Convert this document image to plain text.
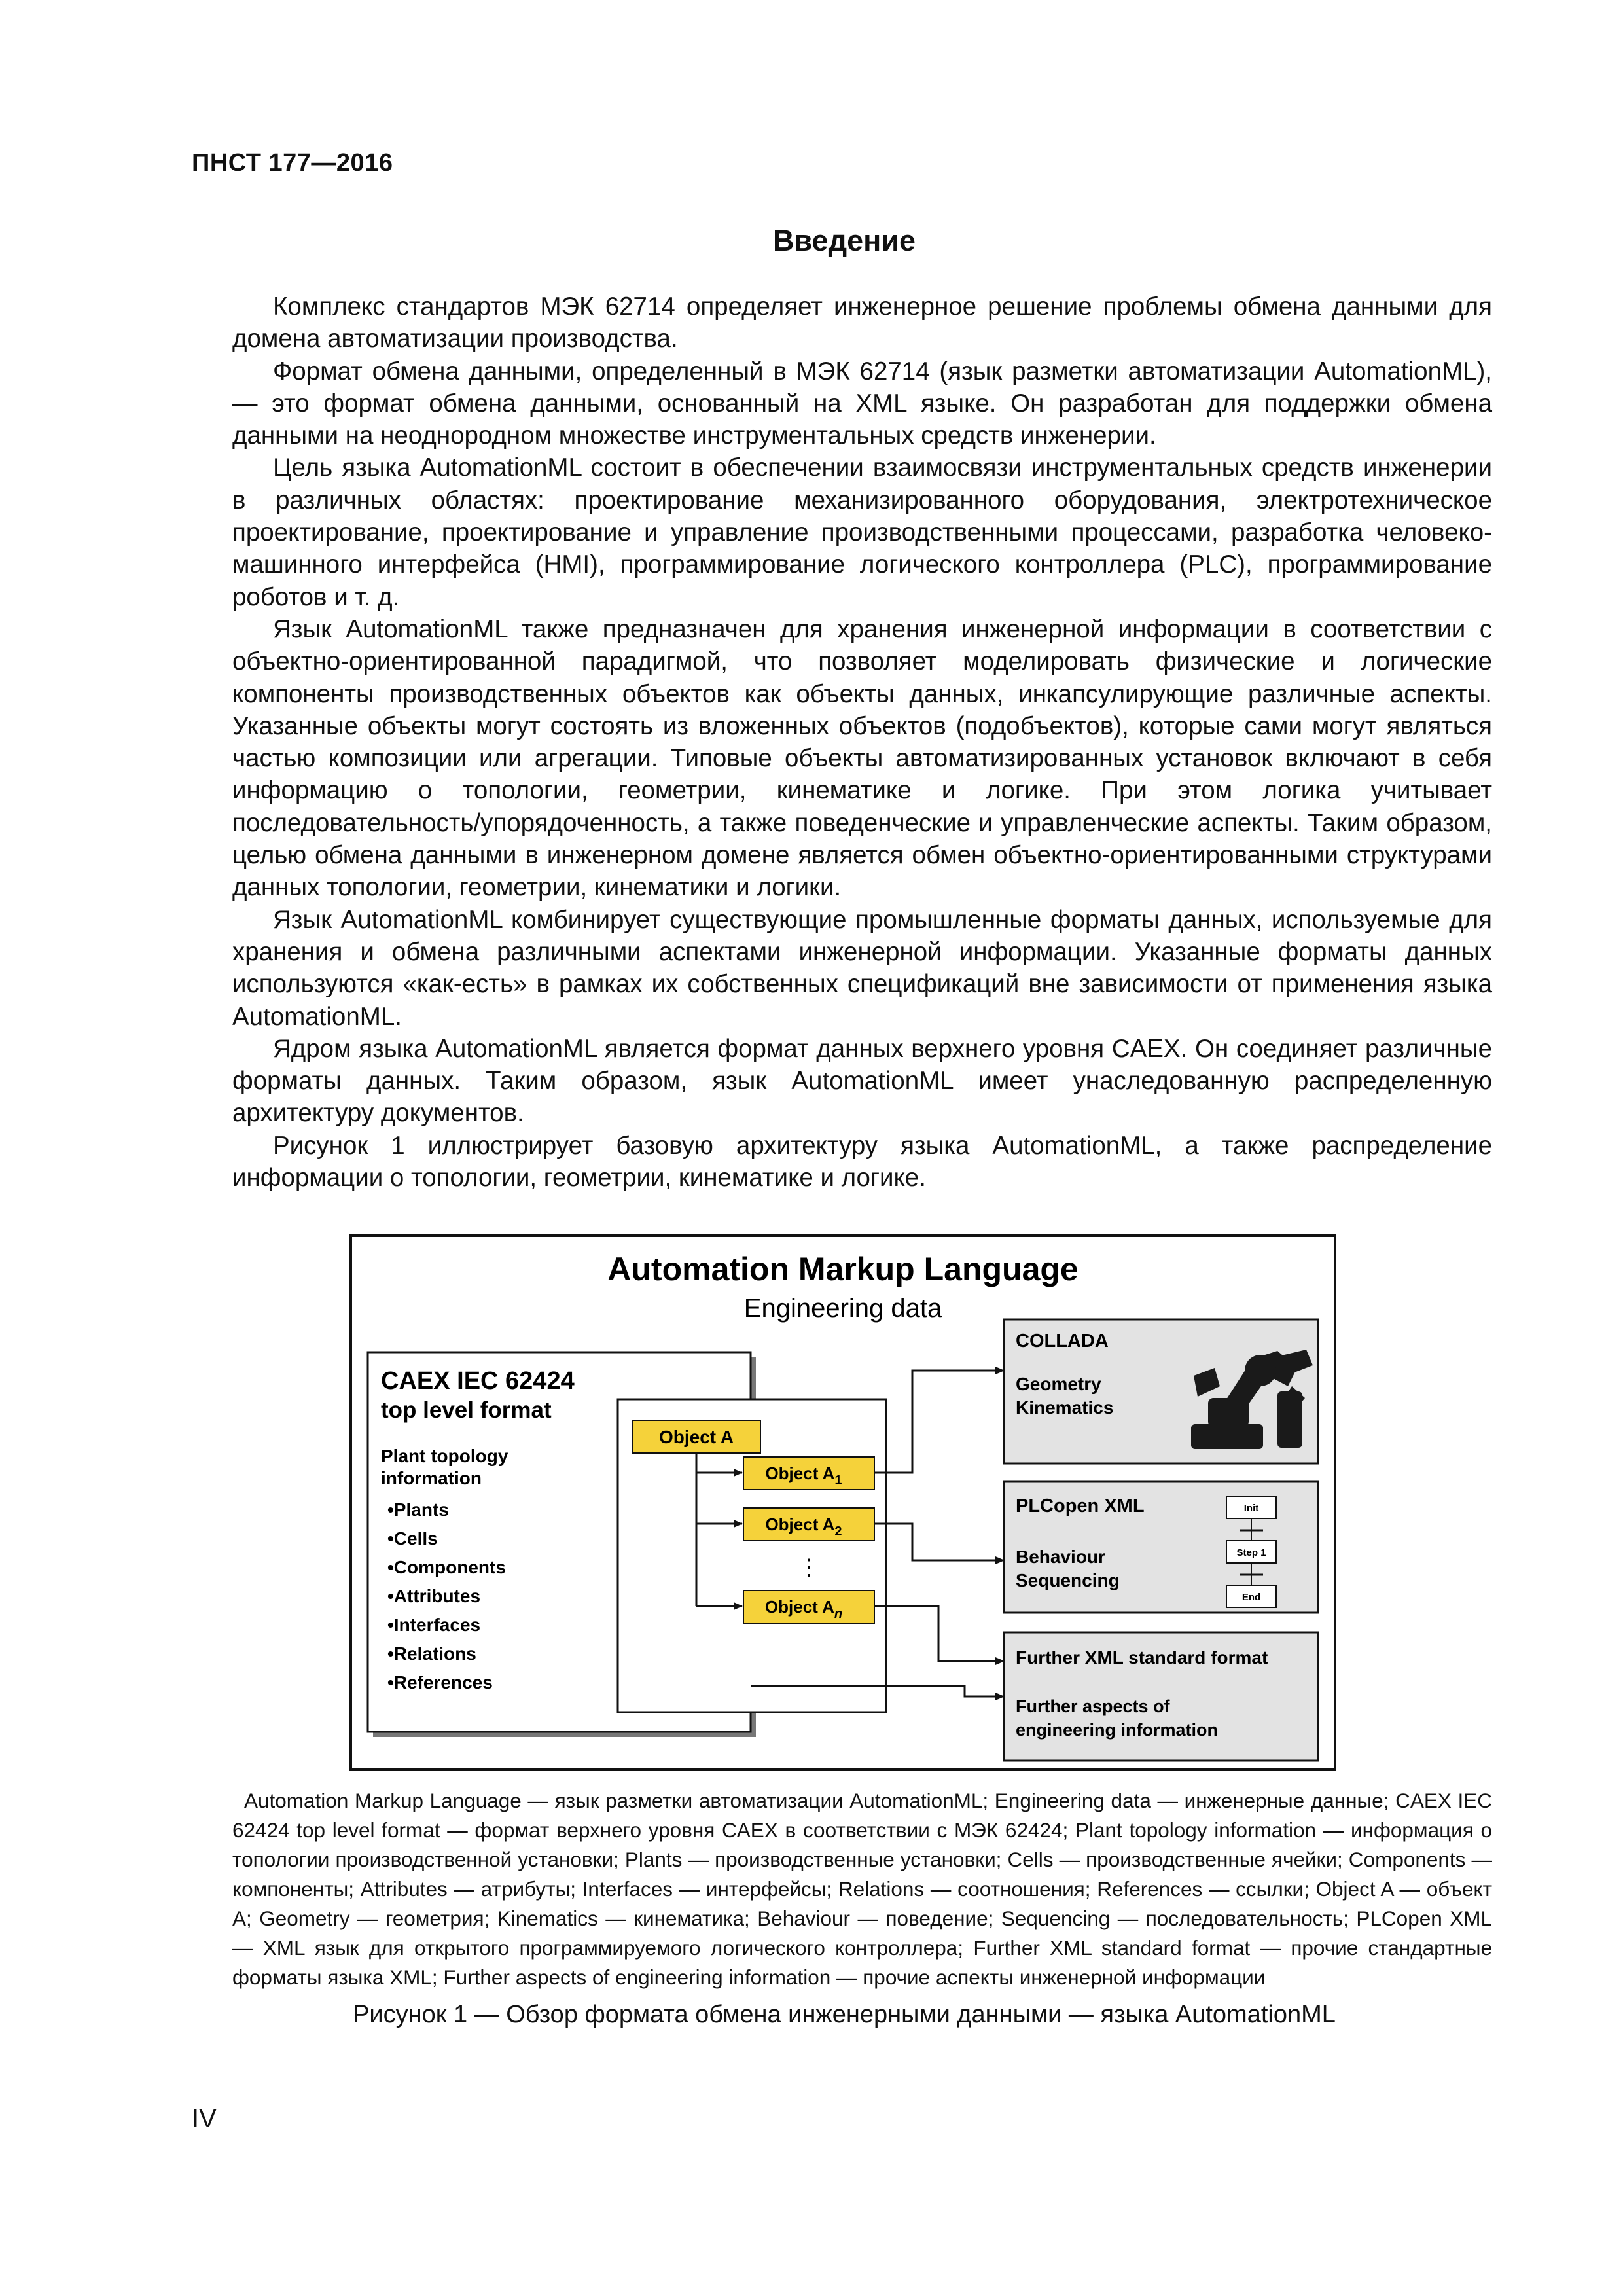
ПНСТ 177—2016
Введение

Комплекс стандартов МЭК 62714 определяет инженерное решение проблемы обмена данными для домена автоматизации производства.

Формат обмена данными, определенный в МЭК 62714 (язык разметки автоматизации AutomationML), — это формат обмена данными, основанный на XML языке. Он разработан для поддержки обмена данными на неоднородном множестве инструментальных средств инженерии.

Цель языка AutomationML состоит в обеспечении взаимосвязи инструментальных средств инженерии в различных областях: проектирование механизированного оборудования, электротехническое проектирование, проектирование и управление производственными процессами, разработка человеко-машинного интерфейса (HMI), программирование логического контроллера (PLC), программирование роботов и т. д.

Язык AutomationML также предназначен для хранения инженерной информации в соответствии с объектно-ориентированной парадигмой, что позволяет моделировать физические и логические компоненты производственных объектов как объекты данных, инкапсулирующие различные аспекты. Указанные объекты могут состоять из вложенных объектов (подобъектов), которые сами могут являться частью композиции или агрегации. Типовые объекты автоматизированных установок включают в себя информацию о топологии, геометрии, кинематике и логике. При этом логика учитывает последовательность/упорядоченность, а также поведенческие и управленческие аспекты. Таким образом, целью обмена данными в инженерном домене является обмен объектно-ориентированными структурами данных топологии, геометрии, кинематики и логики.

Язык AutomationML комбинирует существующие промышленные форматы данных, используемые для хранения и обмена различными аспектами инженерной информации. Указанные форматы данных используются «как-есть» в рамках их собственных спецификаций вне зависимости от применения языка AutomationML.

Ядром языка AutomationML является формат данных верхнего уровня CAEX. Он соединяет различные форматы данных. Таким образом, язык AutomationML имеет унаследованную распределенную архитектуру документов.

Рисунок 1 иллюстрирует базовую архитектуру языка AutomationML, а также распределение информации о топологии, геометрии, кинематике и логике.

Automation Markup Language
Engineering data
CAEX IEC 62424
top level format
Plant topology
information
•Plants
•Cells
•Components
•Attributes
•Interfaces
•Relations
•References
Object A
Object $A_1$
Object $A_2$
⋮
Object $A_n$
COLLADA
Geometry
Kinematics
PLCopen XML
Behaviour
Sequencing
Init
Step 1
End
Further XML standard format
Further aspects of
engineering information
Automation Markup Language — язык разметки автоматизации AutomationML; Engineering data — инженерные данные; CAEX IEC 62424 top level format — формат верхнего уровня CAEX в соответствии с МЭК 62424; Plant topology information — информация о топологии производственной установки; Plants — производственные установки; Cells — производственные ячейки; Components — компоненты; Attributes — атрибуты; Interfaces — интерфейсы; Relations — соотношения; References — ссылки; Object A — объект А; Geometry — геометрия; Kinematics — кинематика; Behaviour — поведение; Sequencing — последовательность; PLCopen XML — XML язык для открытого программируемого логического контроллера; Further XML standard format — прочие стандартные форматы языка XML; Further aspects of engineering information — прочие аспекты инженерной информации
Рисунок 1 — Обзор формата обмена инженерными данными — языка AutomationML
IV
